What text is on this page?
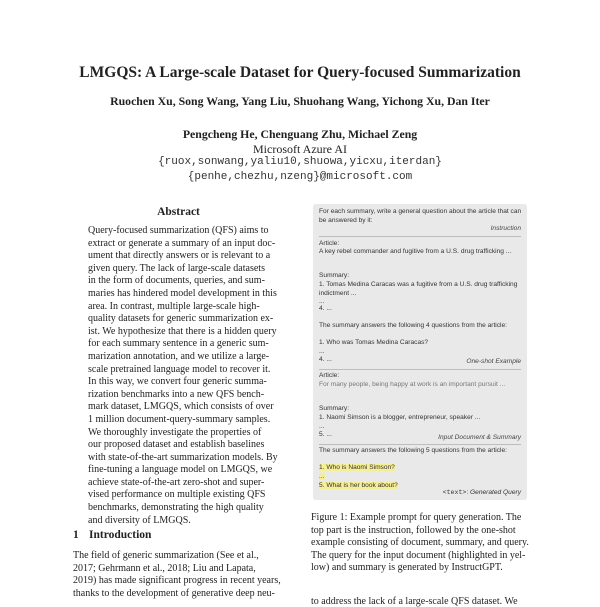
LMGQS: A Large-scale Dataset for Query-focused Summarization
Ruochen Xu, Song Wang, Yang Liu, Shuohang Wang, Yichong Xu, Dan Iter
Pengcheng He, Chenguang Zhu, Michael Zeng
Microsoft Azure AI
{ruox,sonwang,yaliu10,shuowa,yicxu,iterdan}
{penhe,chezhu,nzeng}@microsoft.com
Abstract
Query-focused summarization (QFS) aims to
extract or generate a summary of an input doc-
ument that directly answers or is relevant to a
given query. The lack of large-scale datasets
in the form of documents, queries, and sum-
maries has hindered model development in this
area. In contrast, multiple large-scale high-
quality datasets for generic summarization ex-
ist. We hypothesize that there is a hidden query
for each summary sentence in a generic sum-
marization annotation, and we utilize a large-
scale pretrained language model to recover it.
In this way, we convert four generic summa-
rization benchmarks into a new QFS bench-
mark dataset, LMGQS, which consists of over
1 million document-query-summary samples.
We thoroughly investigate the properties of
our proposed dataset and establish baselines
with state-of-the-art summarization models. By
fine-tuning a language model on LMGQS, we
achieve state-of-the-art zero-shot and super-
vised performance on multiple existing QFS
benchmarks, demonstrating the high quality
and diversity of LMGQS.
1 Introduction
The field of generic summarization (See et al.,
2017; Gehrmann et al., 2018; Liu and Lapata,
2019) has made significant progress in recent years,
thanks to the development of generative deep neu-
For each summary, write a general question about the article that can be answered by it:
Instruction
Article:
A key rebel commander and fugitive from a U.S. drug trafficking ...
Summary:
1. Tomas Medina Caracas was a fugitive from a U.S. drug trafficking indictment ...
...
4. ...
The summary answers the following 4 questions from the article:
1. Who was Tomas Medina Caracas?
...
4. ...	One-shot Example
Article:
For many people, being happy at work is an important pursuit ...
Summary:
1. Naomi Simson is a blogger, entrepreneur, speaker ...
...
5. ...	Input Document & Summary
The summary answers the following 5 questions from the article:
1. Who is Naomi Simson?
...
5. What is her book about?
<text>: Generated Query
Figure 1: Example prompt for query generation. The
top part is the instruction, followed by the one-shot
example consisting of document, summary, and query.
The query for the input document (highlighted in yel-
low) and summary is generated by InstructGPT.
to address the lack of a large-scale QFS dataset. We
